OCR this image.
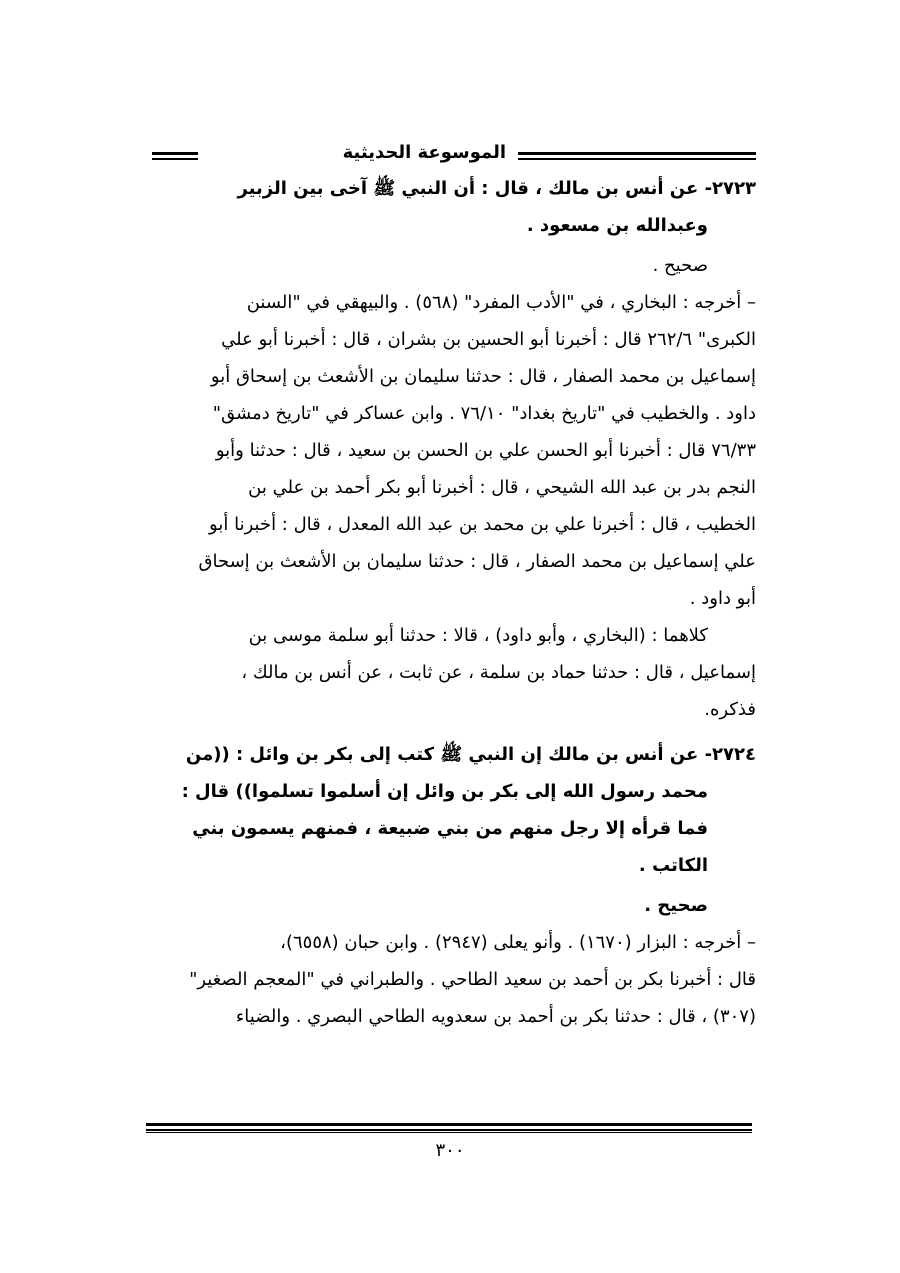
الموسوعة الحديثية
٢٧٢٣- عن أنس بن مالك ، قال : أن النبي ﷺ آخى بين الزبير
وعبدالله بن مسعود .
صحيح .
– أخرجه : البخاري ، في "الأدب المفرد" (٥٦٨) . والبيهقي في "السنن
الكبرى" ٢٦٢/٦ قال : أخبرنا أبو الحسين بن بشران ، قال : أخبرنا أبو علي
إسماعيل بن محمد الصفار ، قال : حدثنا سليمان بن الأشعث بن إسحاق أبو
داود . والخطيب في "تاريخ بغداد" ٧٦/١٠ . وابن عساكر في "تاريخ دمشق"
٧٦/٣٣ قال : أخبرنا أبو الحسن علي بن الحسن بن سعيد ، قال : حدثنا وأبو
النجم بدر بن عبد الله الشيحي ، قال : أخبرنا أبو بكر أحمد بن علي بن
الخطيب ، قال : أخبرنا علي بن محمد بن عبد الله المعدل ، قال : أخبرنا أبو
علي إسماعيل بن محمد الصفار ، قال : حدثنا سليمان بن الأشعث بن إسحاق
أبو داود .
كلاهما : (البخاري ، وأبو داود) ، قالا : حدثنا أبو سلمة موسى بن
إسماعيل ، قال : حدثنا حماد بن سلمة ، عن ثابت ، عن أنس بن مالك ،
فذكره.
٢٧٢٤- عن أنس بن مالك إن النبي ﷺ كتب إلى بكر بن وائل : ((من
محمد رسول الله إلى بكر بن وائل إن أسلموا تسلموا)) قال :
فما قرأه إلا رجل منهم من بني ضبيعة ، فمنهم يسمون بني
الكاتب .
صحيح .
– أخرجه : البزار (١٦٧٠) . وأنو يعلى (٢٩٤٧) . وابن حبان (٦٥٥٨)،
قال : أخبرنا بكر بن أحمد بن سعيد الطاحي . والطبراني في "المعجم الصغير"
(٣٠٧) ، قال : حدثنا بكر بن أحمد بن سعدويه الطاحي البصري . والضياء
٣٠٠
